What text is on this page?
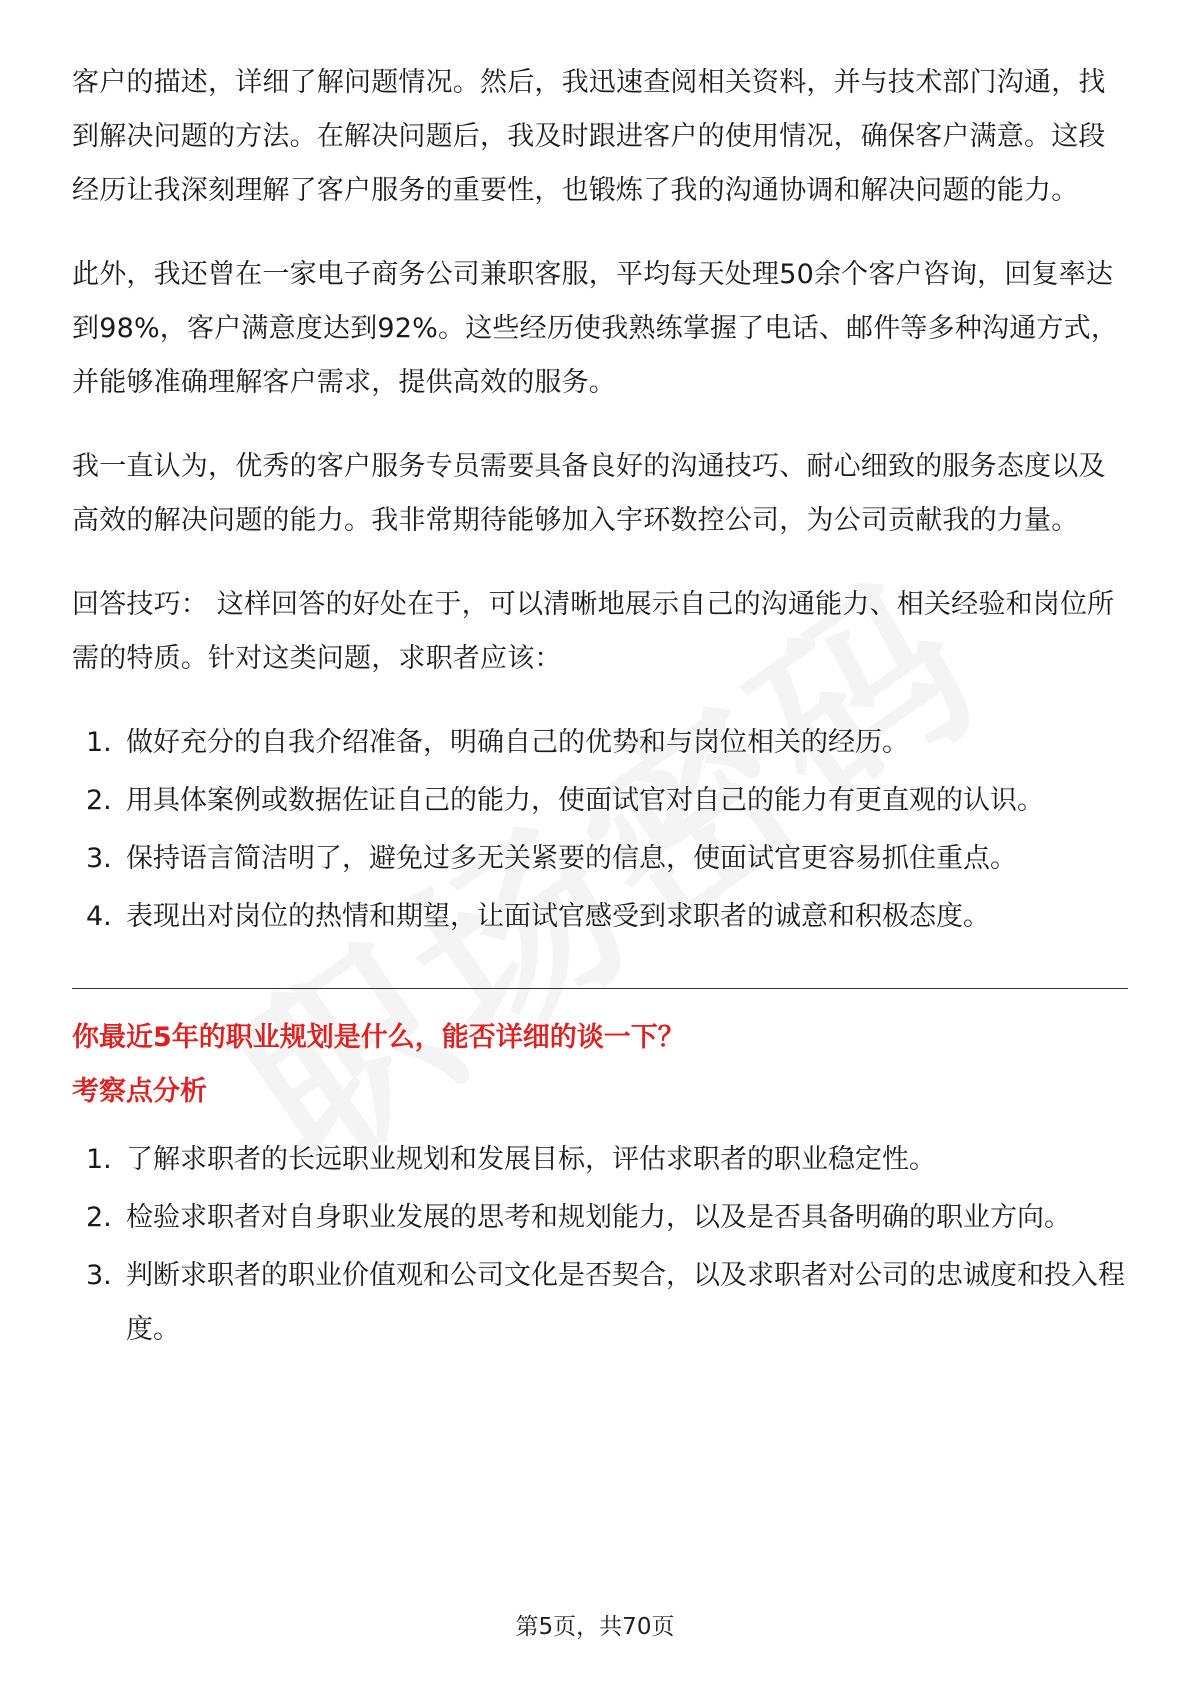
客户的描述，详细了解问题情况。然后，我迅速查阅相关资料，并与技术部门沟通，找到解决问题的方法。在解决问题后，我及时跟进客户的使用情况，确保客户满意。这段经历让我深刻理解了客户服务的重要性，也锻炼了我的沟通协调和解决问题的能力。

此外，我还曾在一家电子商务公司兼职客服，平均每天处理50余个客户咨询，回复率达到98%，客户满意度达到92%。这些经历使我熟练掌握了电话、邮件等多种沟通方式，并能够准确理解客户需求，提供高效的服务。

我一直认为，优秀的客户服务专员需要具备良好的沟通技巧、耐心细致的服务态度以及高效的解决问题的能力。我非常期待能够加入宇环数控公司，为公司贡献我的力量。

回答技巧： 这样回答的好处在于，可以清晰地展示自己的沟通能力、相关经验和岗位所需的特质。针对这类问题，求职者应该：

1. 做好充分的自我介绍准备，明确自己的优势和与岗位相关的经历。
2. 用具体案例或数据佐证自己的能力，使面试官对自己的能力有更直观的认识。
3. 保持语言简洁明了，避免过多无关紧要的信息，使面试官更容易抓住重点。
4. 表现出对岗位的热情和期望，让面试官感受到求职者的诚意和积极态度。
你最近5年的职业规划是什么，能否详细的谈一下？
考察点分析
1. 了解求职者的长远职业规划和发展目标，评估求职者的职业稳定性。
2. 检验求职者对自身职业发展的思考和规划能力，以及是否具备明确的职业方向。
3. 判断求职者的职业价值观和公司文化是否契合，以及求职者对公司的忠诚度和投入程度。
第5页，共70页
